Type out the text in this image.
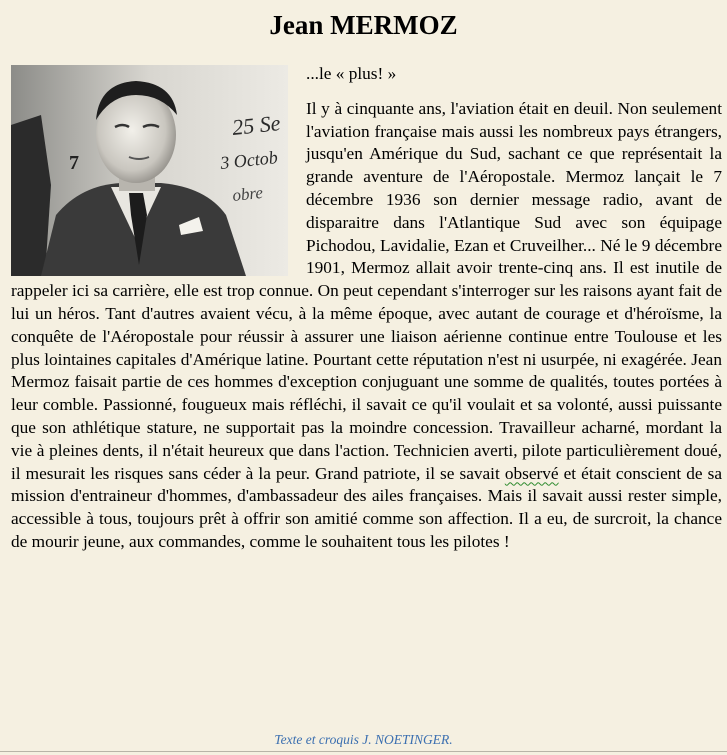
Jean MERMOZ
25 Se
3 Octob
obre
7

...le « plus! »

Il y à cinquante ans, l'aviation était en deuil. Non seulement l'aviation française mais aussi les nombreux pays étrangers, jusqu'en Amérique du Sud, sachant ce que représentait la grande aventure de l'Aéropostale. Mermoz lançait le 7 décembre 1936 son dernier message radio, avant de disparaitre dans l'Atlantique Sud avec son équipage Pichodou, Lavidalie, Ezan et Cruveilher... Né le 9 décembre 1901, Mermoz allait avoir trente-cinq ans. Il est inutile de rappeler ici sa carrière, elle est trop connue. On peut cependant s'interroger sur les raisons ayant fait de lui un héros. Tant d'autres avaient vécu, à la même époque, avec autant de courage et d'héroïsme, la conquête de l'Aéropostale pour réussir à assurer une liaison aérienne continue entre Toulouse et les plus lointaines capitales d'Amérique latine. Pourtant cette réputation n'est ni usurpée, ni exagérée. Jean Mermoz faisait partie de ces hommes d'exception conjuguant une somme de qualités, toutes portées à leur comble. Passionné, fougueux mais réfléchi, il savait ce qu'il voulait et sa volonté, aussi puissante que son athlétique stature, ne supportait pas la moindre concession. Travailleur acharné, mordant la vie à pleines dents, il n'était heureux que dans l'action. Technicien averti, pilote particulièrement doué, il mesurait les risques sans céder à la peur. Grand patriote, il se savait observé et était conscient de sa mission d'entraineur d'hommes, d'ambassadeur des ailes françaises. Mais il savait aussi rester simple, accessible à tous, toujours prêt à offrir son amitié comme son affection. Il a eu, de surcroit, la chance de mourir jeune, aux commandes, comme le souhaitent tous les pilotes !

Texte et croquis J. NOETINGER.
